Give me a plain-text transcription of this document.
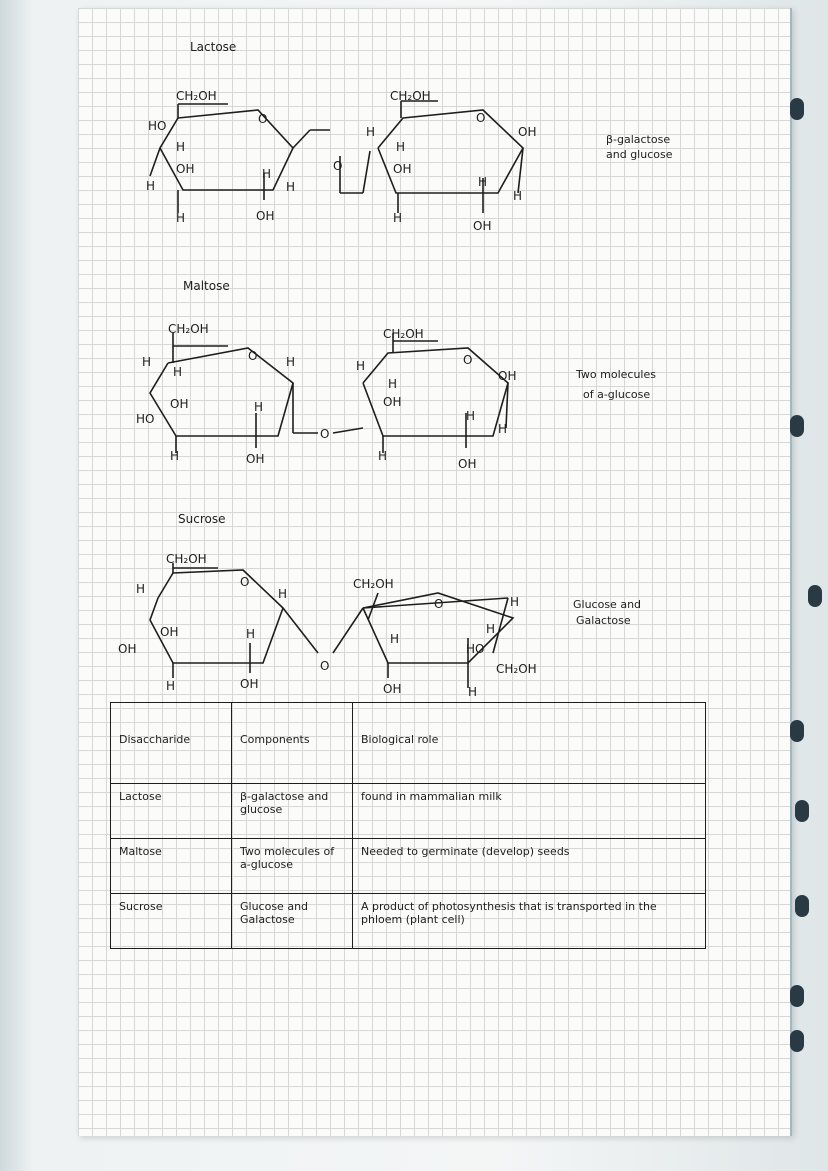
Lactose
CH₂OH
HO
H
OH
H
H
H
OH
H
O
O
CH₂OH
H
H
OH
H
OH
H
H
OH
O
β-galactose
and glucose
Maltose
CH₂OH
H
H
OH
HO
H
H
H
OH
O
O
CH₂OH
H
H
OH
H
OH
H
H
OH
O
Two molecules
of a-glucose
Sucrose
CH₂OH
H
OH
OH
H
H
H
OH
O
O
CH₂OH
H
H
OH
HO
H
CH₂OH
H
O	Glucose and
Galactose
Disaccharide	Components	Biological role
Lactose	β-galactose and glucose	found in mammalian milk
Maltose	Two molecules of a-glucose	Needed to germinate (develop) seeds
Sucrose	Glucose and Galactose	A product of photosynthesis that is transported in the phloem (plant cell)
